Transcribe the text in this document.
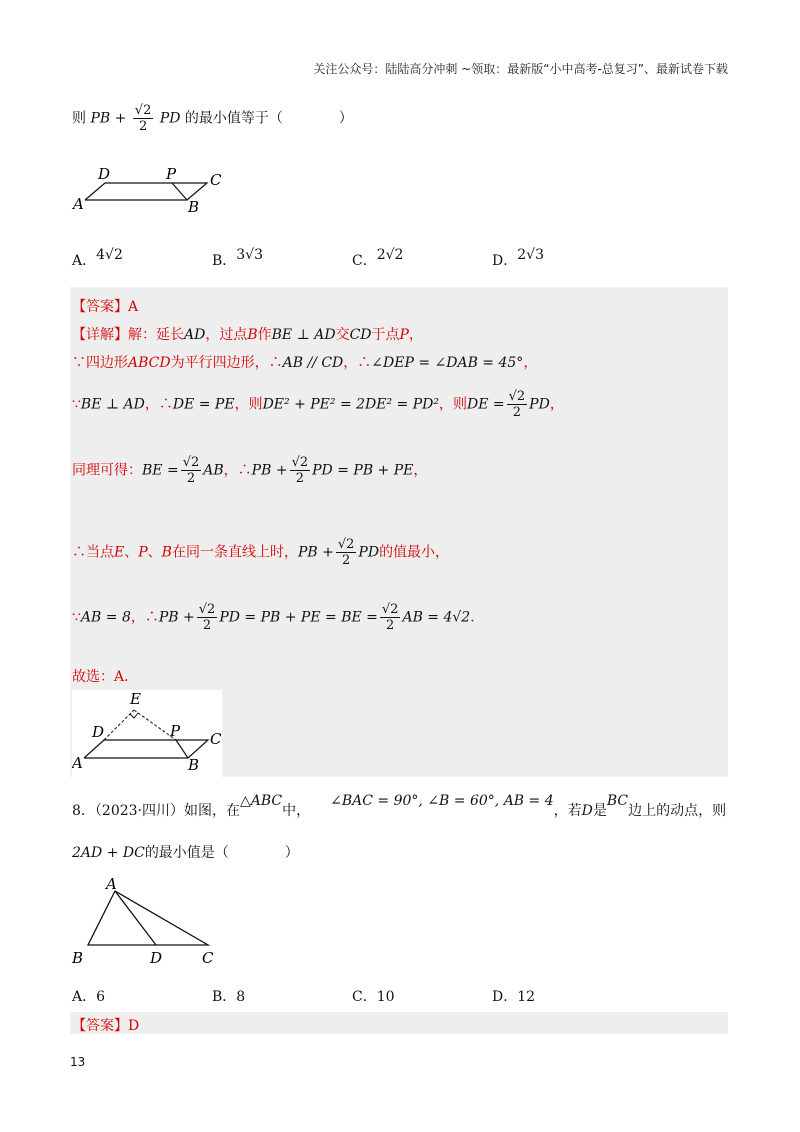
关注公众号：陆陆高分冲刺 ~领取：最新版“小中高考-总复习”、最新试卷下载
则 PB + $\frac{√2}{2}$ PD 的最小值等于（　　　　）
A	B
C
D	P
A．4√2	B．3√3	C．2√2	D．2√3
【答案】A
【详解】解：延长AD，过点B作BE ⊥ AD交CD于点P，
∵四边形ABCD为平行四边形，∴AB // CD，∴∠DEP = ∠DAB = 45°，
∵BE ⊥ AD，∴DE = PE，则DE² + PE² = 2DE² = PD²，则DE = $\frac{√2}{2}$ PD，
同理可得：BE = $\frac{√2}{2}$ AB，∴PB + $\frac{√2}{2}$ PD = PB + PE，
∴当点E、P、B在同一条直线上时，PB + $\frac{√2}{2}$ PD的值最小，
∵AB = 8，∴PB + $\frac{√2}{2}$ PD = PB + PE = BE = $\frac{√2}{2}$ AB = 4√2．
故选：A．
A	B
C
D	P
E
8．（2023·四川）如图，在△ABC中，∠BAC = 90°, ∠B = 60°, AB = 4，若D是BC边上的动点，则
2AD + DC的最小值是（　　　　）
A
B	D	C
A．6	B．8	C．10	D．12
【答案】D
13
